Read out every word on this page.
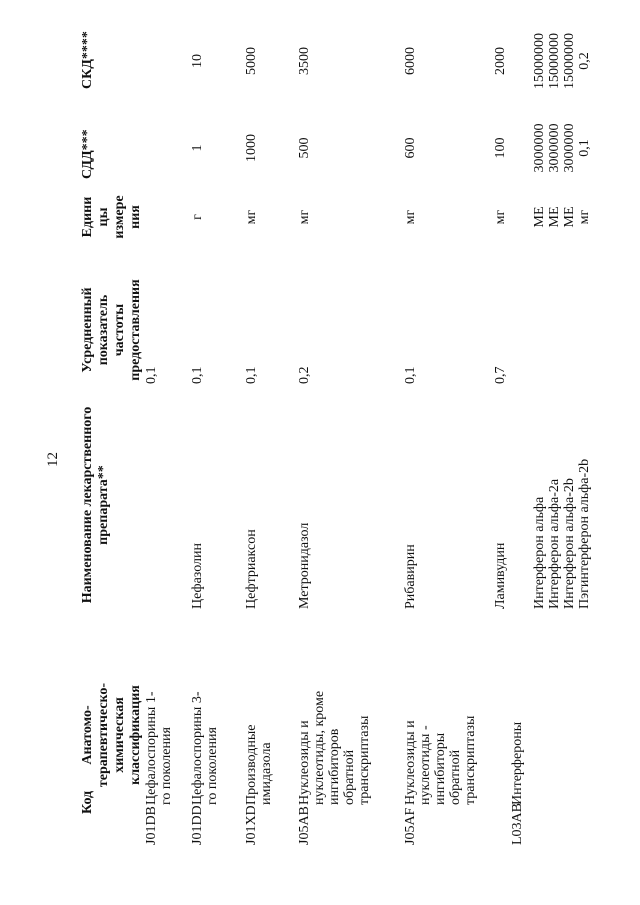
12
Код
Анатомо- терапевтическо- химическая классификация
Наименование лекарственного препарата**
Усредненный показатель частоты предоставления
Едини цы измере ния
СДД***
СКД****
J01DB
Цефалоспорины 1- го поколения
0,1
J01DD
Цефалоспорины 3- го поколения
J01XD
Производные имидазола
J05AB
Нуклеозиды и нуклеотиды, кроме ингибиторов обратной транскриптазы
J05AF
Нуклеозиды и нуклеотиды - ингибиторы обратной транскриптазы
L03AB
Интерфероны
Цефазолин
0,1
г
1
10
Цефтриаксон
0,1
мг
1000
5000
Метронидазол
0,2
мг
500
3500
Рибавирин
0,1
мг
600
6000
Ламивудин
0,7
мг
100
2000
Интерферон альфа
МЕ
3000000
15000000
Интерферон альфа-2a
МЕ
3000000
15000000
Интерферон альфа-2b
МЕ
3000000
15000000
Пэгинтерферон альфа-2b
мг
0,1
0,2
